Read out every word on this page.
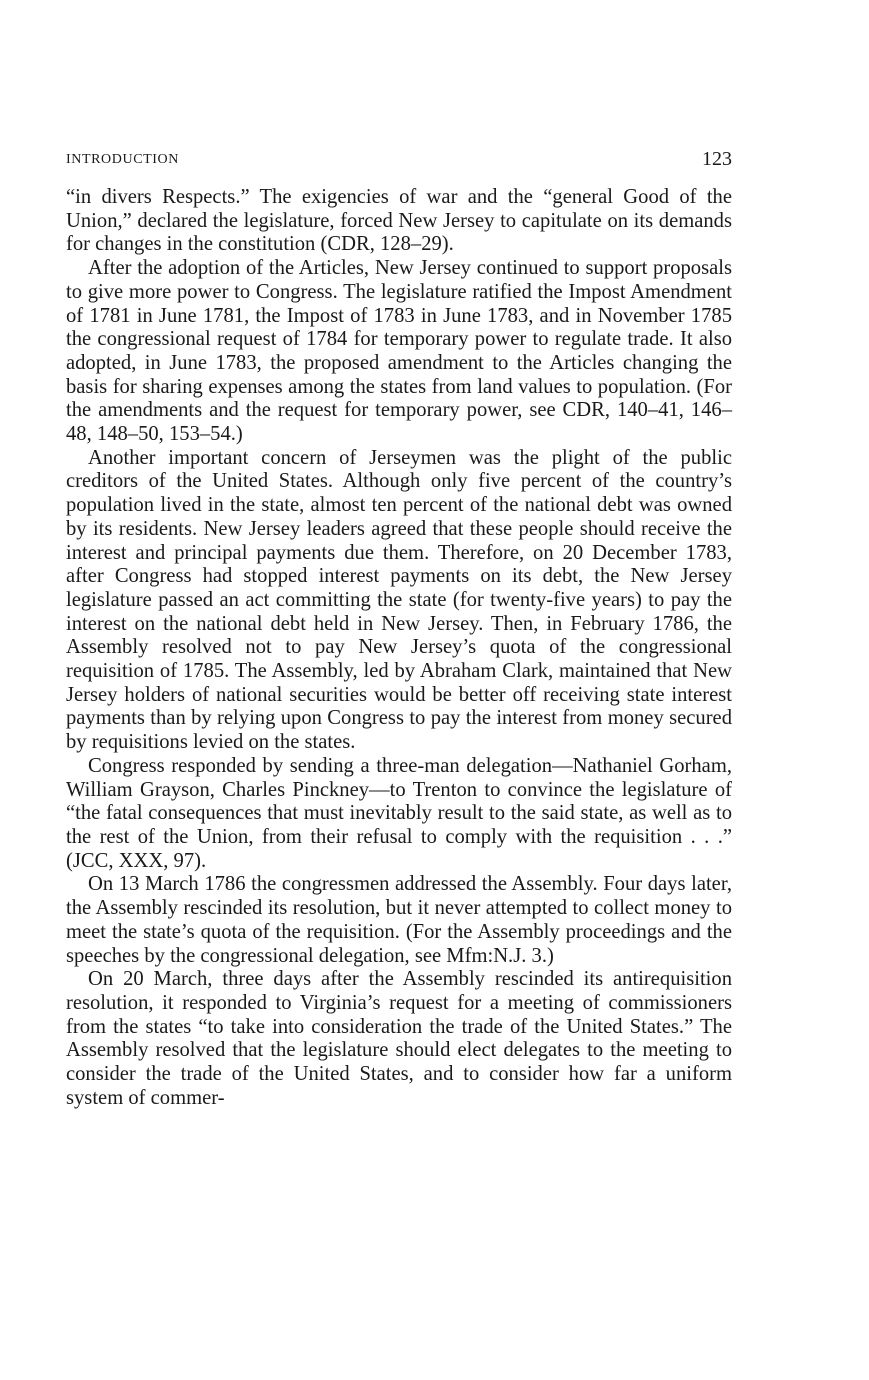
INTRODUCTION	123

“in divers Respects.” The exigencies of war and the “general Good of the Union,” declared the legislature, forced New Jersey to capitulate on its demands for changes in the constitution (CDR, 128–29).

After the adoption of the Articles, New Jersey continued to support proposals to give more power to Congress. The legislature ratified the Impost Amendment of 1781 in June 1781, the Impost of 1783 in June 1783, and in November 1785 the congressional request of 1784 for temporary power to regulate trade. It also adopted, in June 1783, the proposed amendment to the Articles changing the basis for sharing expenses among the states from land values to population. (For the amendments and the request for temporary power, see CDR, 140–41, 146–48, 148–50, 153–54.)

Another important concern of Jerseymen was the plight of the public creditors of the United States. Although only five percent of the country’s population lived in the state, almost ten percent of the national debt was owned by its residents. New Jersey leaders agreed that these people should receive the interest and principal payments due them. Therefore, on 20 December 1783, after Congress had stopped interest payments on its debt, the New Jersey legislature passed an act committing the state (for twenty-five years) to pay the interest on the national debt held in New Jersey. Then, in February 1786, the Assembly resolved not to pay New Jersey’s quota of the congressional requisition of 1785. The Assembly, led by Abraham Clark, maintained that New Jersey holders of national securities would be better off receiving state interest payments than by relying upon Congress to pay the interest from money secured by requisitions levied on the states.

Congress responded by sending a three-man delegation—Nathaniel Gorham, William Grayson, Charles Pinckney—to Trenton to convince the legislature of “the fatal consequences that must inevitably result to the said state, as well as to the rest of the Union, from their refusal to comply with the requisition . . .” (JCC, XXX, 97).

On 13 March 1786 the congressmen addressed the Assembly. Four days later, the Assembly rescinded its resolution, but it never attempted to collect money to meet the state’s quota of the requisition. (For the Assembly proceedings and the speeches by the congressional delegation, see Mfm:N.J. 3.)

On 20 March, three days after the Assembly rescinded its antirequisition resolution, it responded to Virginia’s request for a meeting of commissioners from the states “to take into consideration the trade of the United States.” The Assembly resolved that the legislature should elect delegates to the meeting to consider the trade of the United States, and to consider how far a uniform system of commer-
